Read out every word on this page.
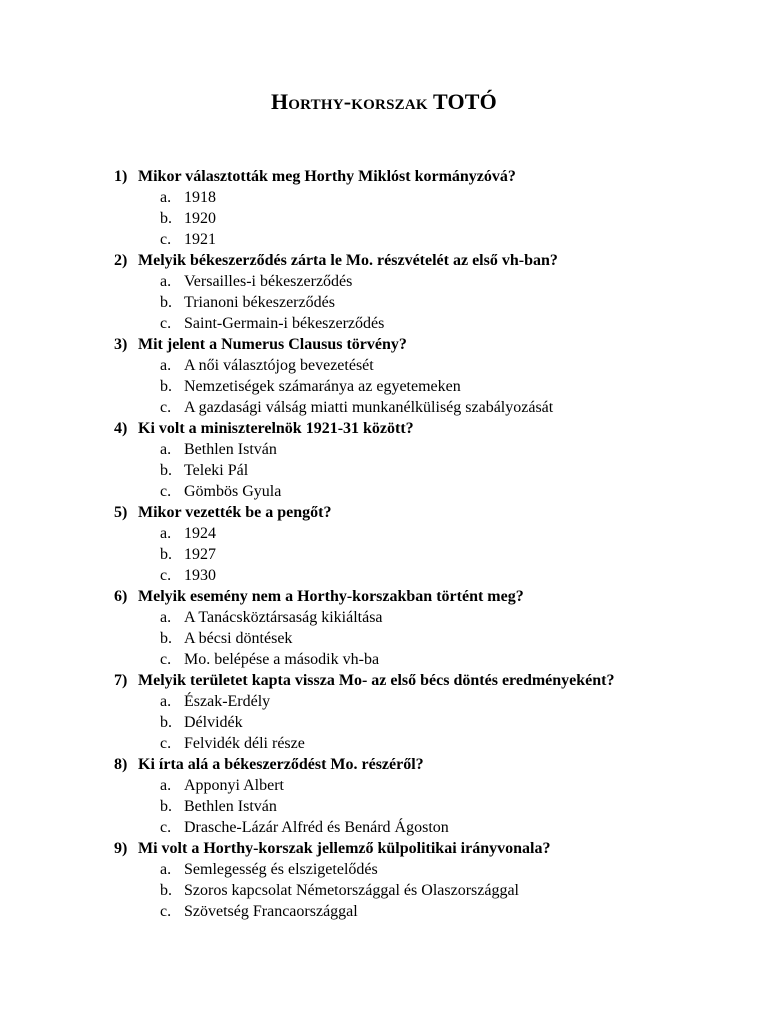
Horthy-korszak TOTÓ
1) Mikor választották meg Horthy Miklóst kormányzóvá?
a. 1918
b. 1920
c. 1921
2) Melyik békeszerződés zárta le Mo. részvételét az első vh-ban?
a. Versailles-i békeszerződés
b. Trianoni békeszerződés
c. Saint-Germain-i békeszerződés
3) Mit jelent a Numerus Clausus törvény?
a. A női választójog bevezetését
b. Nemzetiségek számaránya az egyetemeken
c. A gazdasági válság miatti munkanélküliség szabályozását
4) Ki volt a miniszterelnök 1921-31 között?
a. Bethlen István
b. Teleki Pál
c. Gömbös Gyula
5) Mikor vezették be a pengőt?
a. 1924
b. 1927
c. 1930
6) Melyik esemény nem a Horthy-korszakban történt meg?
a. A Tanácsköztársaság kikiáltása
b. A bécsi döntések
c. Mo. belépése a második vh-ba
7) Melyik területet kapta vissza Mo- az első bécs döntés eredményeként?
a. Észak-Erdély
b. Délvidék
c. Felvidék déli része
8) Ki írta alá a békeszerződést Mo. részéről?
a. Apponyi Albert
b. Bethlen István
c. Drasche-Lázár Alfréd és Benárd Ágoston
9) Mi volt a Horthy-korszak jellemző külpolitikai irányvonala?
a. Semlegesség és elszigetelődés
b. Szoros kapcsolat Németországgal és Olaszországgal
c. Szövetség Francaországgal
